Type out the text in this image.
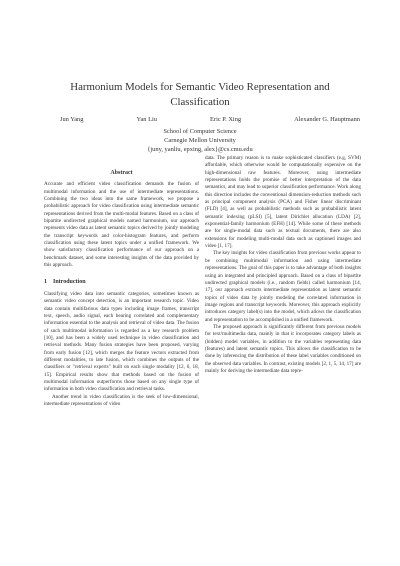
Harmonium Models for Semantic Video Representation and Classification
Jun Yang	Yan Liu	Eric P. Xing	Alexander G. Hauptmann
School of Computer Science
Carnegie Mellon University
{juny, yanliu, epxing, alex}@cs.cmu.edu
Abstract

Accurate and efficient video classification demands the fusion of multimodal information and the use of intermediate representations. Combining the two ideas into the same framework, we propose a probabilistic approach for video classification using intermediate semantic representations derived from the multi-modal features. Based on a class of bipartite undirected graphical models named harmonium, our approach represents video data as latent semantic topics derived by jointly modeling the transcript keywords and color-histogram features, and perform classification using these latent topics under a unified framework. We show satisfactory classification performance of our approach on a benchmark dataset, and some interesting insights of the data provided by this approach.

1 Introduction

Classifying video data into semantic categories, sometimes known as semantic video concept detection, is an important research topic. Video data contain multifarious data types including image frames, transcript text, speech, audio signal, each bearing correlated and complementary information essential to the analysis and retrieval of video data. The fusion of such multimodal information is regarded as a key research problem [10], and has been a widely used technique in video classification and retrieval methods. Many fusion strategies have been proposed, varying from early fusion [12], which merges the feature vectors extracted from different modalities, to late fusion, which combines the outputs of the classifiers or "retrieval experts" built on each single modality [12, 6, 18, 15]. Empirical results show that methods based on the fusion of multimodal information outperforms those based on any single type of information in both video classification and retrieval tasks.

Another trend in video classification is the seek of low-dimensional, intermediate representations of video

data. The primary reason is to make sophisticated classifiers (e.g, SVM) affordable, which otherwise would be computationally expensive on the high-dimensional raw features. Moreover, using intermediate representations holds the promise of better interpretation of the data semantics, and may lead to superior classification performance. Work along this direction includes the conventional dimension-reduction methods such as principal component analysis (PCA) and Fisher linear discriminant (FLD) [4], as well as probabilistic methods such as probabilistic latent semantic indexing (pLSI) [5], latent Dirichlet allocation (LDA) [2], exponential-family harmonium (EFH) [14]. While some of these methods are for single-modal data such as textual documents, there are also extensions for modeling multi-modal data such as captioned images and video [1, 17].

The key insights for video classification from previous works appear to be combining multimodal information and using intermediate representations. The goal of this paper is to take advantage of both insights using an integrated and principled approach. Based on a class of bipartite undirected graphical models (i.e., random fields) called harmonium [14, 17], our approach extracts intermediate representation as latent semantic topics of video data by jointly modeling the correlated information in image regions and transcript keywords. Moreover, this approach explicitly introduces category label(s) into the model, which allows the classification and representation to be accomplished in a unified framework.

The proposed approach is significantly different from previous models for text/multimedia data, mainly in that it incorporates category labels as (hidden) model variables, in addition to the variables representing data (features) and latent semantic topics. This allows the classification to be done by inferencing the distribution of these label variables conditioned on the observed data variables. In contrast, existing models [2, 1, 5, 14, 17] are mainly for deriving the intermediate data repre-
